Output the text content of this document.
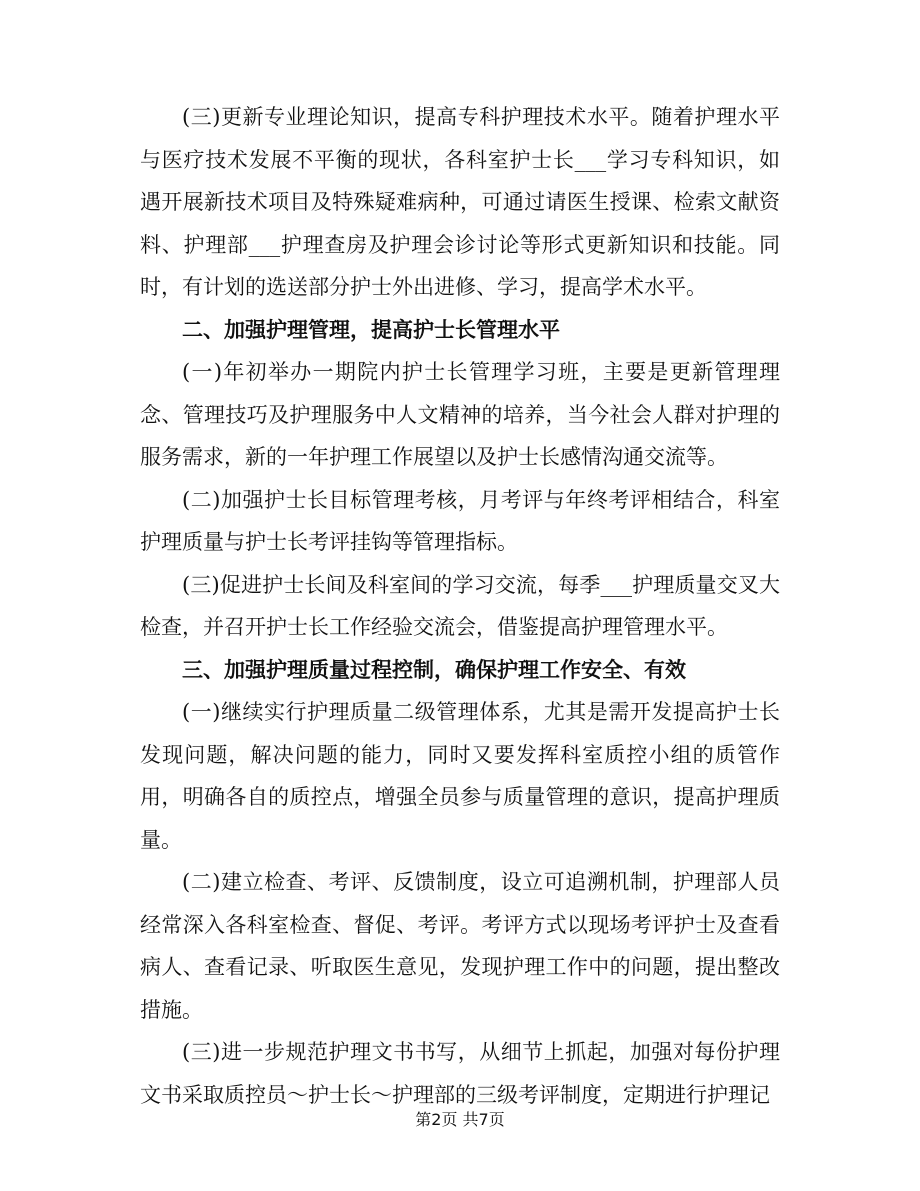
(三)更新专业理论知识，提高专科护理技术水平。随着护理水平与医疗技术发展不平衡的现状，各科室护士长___学习专科知识，如遇开展新技术项目及特殊疑难病种，可通过请医生授课、检索文献资料、护理部___护理查房及护理会诊讨论等形式更新知识和技能。同时，有计划的选送部分护士外出进修、学习，提高学术水平。

二、加强护理管理，提高护士长管理水平

(一)年初举办一期院内护士长管理学习班，主要是更新管理理念、管理技巧及护理服务中人文精神的培养，当今社会人群对护理的服务需求，新的一年护理工作展望以及护士长感情沟通交流等。

(二)加强护士长目标管理考核，月考评与年终考评相结合，科室护理质量与护士长考评挂钩等管理指标。

(三)促进护士长间及科室间的学习交流，每季___护理质量交叉大检查，并召开护士长工作经验交流会，借鉴提高护理管理水平。

三、加强护理质量过程控制，确保护理工作安全、有效

(一)继续实行护理质量二级管理体系，尤其是需开发提高护士长发现问题，解决问题的能力，同时又要发挥科室质控小组的质管作用，明确各自的质控点，增强全员参与质量管理的意识，提高护理质量。

(二)建立检查、考评、反馈制度，设立可追溯机制，护理部人员经常深入各科室检查、督促、考评。考评方式以现场考评护士及查看病人、查看记录、听取医生意见，发现护理工作中的问题，提出整改措施。

(三)进一步规范护理文书书写，从细节上抓起，加强对每份护理文书采取质控员～护士长～护理部的三级考评制度，定期进行护理记

第2页 共7页
